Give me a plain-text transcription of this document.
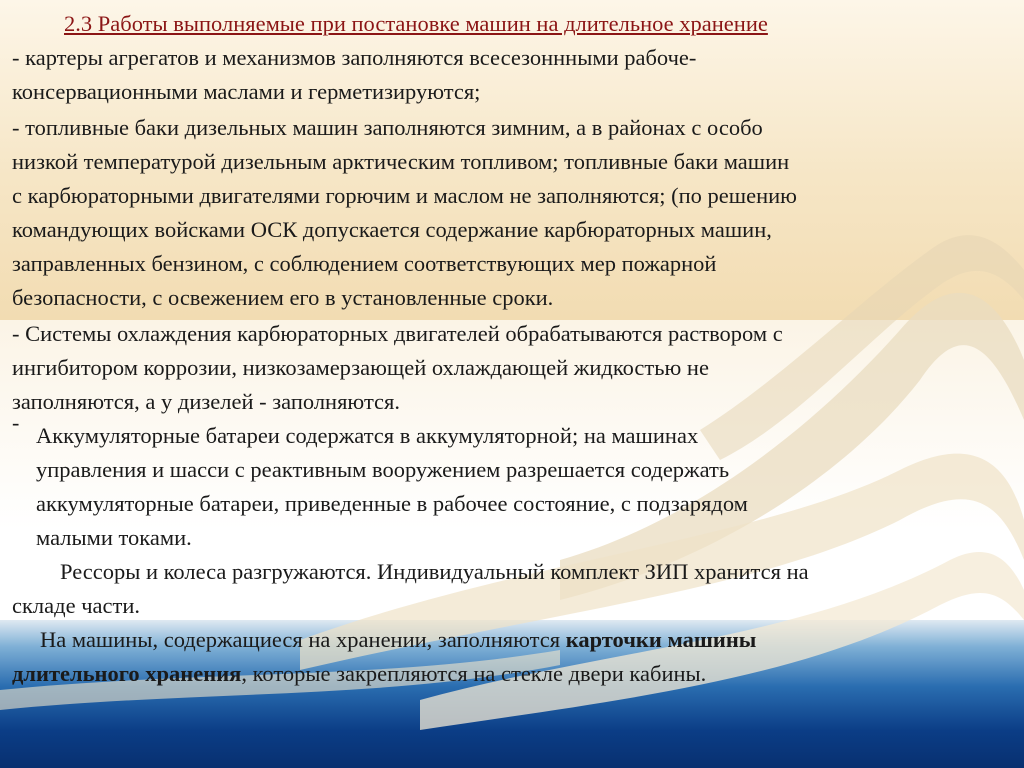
2.3 Работы выполняемые при постановке машин на длительное хранение

- картеры агрегатов и механизмов заполняются всесезоннными рабоче-

консервационными маслами и герметизируются;

- топливные баки дизельных машин заполняются зимним, а в районах с особо

низкой температурой дизельным арктическим топливом; топливные баки машин

с карбюраторными двигателями горючим и маслом не заполняются; (по решению

командующих войсками ОСК допускается содержание карбюраторных машин,

заправленных бензином, с соблюдением соответствующих мер пожарной

безопасности, с освежением его в установленные сроки.

- Системы охлаждения карбюраторных двигателей обрабатываются раствором с

ингибитором коррозии, низкозамерзающей охлаждающей жидкостью не

заполняются, а у дизелей - заполняются.

-

Аккумуляторные батареи содержатся в аккумуляторной; на машинах

управления и шасси с реактивным вооружением разрешается содержать

аккумуляторные батареи, приведенные в рабочее состояние, с подзарядом

малыми токами.

Рессоры и колеса разгружаются. Индивидуальный комплект ЗИП хранится на

складе части.

На машины, содержащиеся на хранении, заполняются карточки машины

длительного хранения, которые закрепляются на стекле двери кабины.
